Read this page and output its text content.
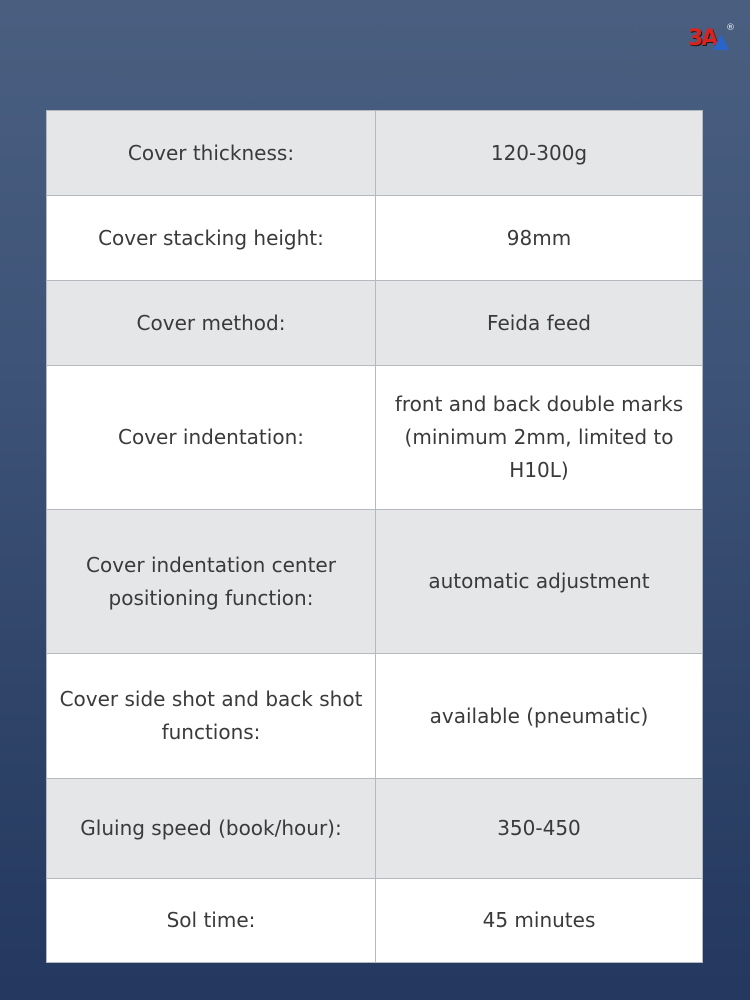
3A ®
Cover thickness:	120-300g
Cover stacking height:	98mm
Cover method:	Feida feed
Cover indentation:	front and back double marks (minimum 2mm, limited to H10L)
Cover indentation center positioning function:	automatic adjustment
Cover side shot and back shot functions:	available (pneumatic)
Gluing speed (book/hour):	350-450
Sol time:	45 minutes
